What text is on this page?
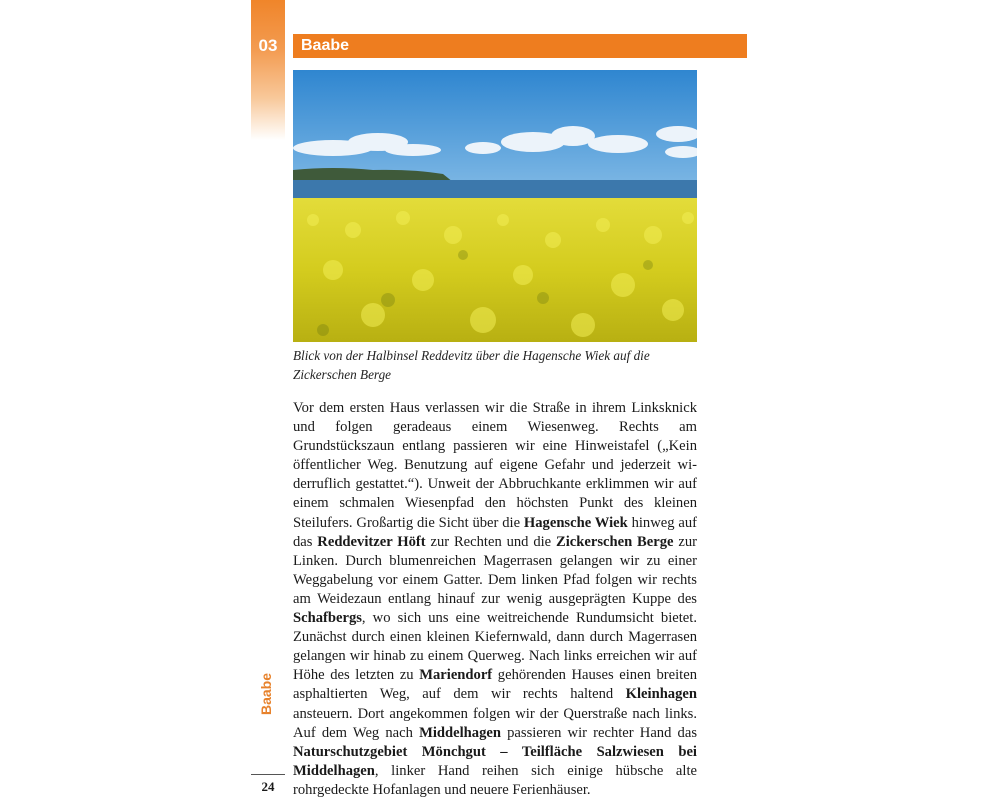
03	Baabe
Blick von der Halbinsel Reddevitz über die Hagensche Wiek auf die Zickerschen Berge
Vor dem ersten Haus verlassen wir die Straße in ihrem Linksknick und folgen geradeaus einem Wiesenweg. Rechts am Grundstückszaun entlang passieren wir eine Hinweistafel („Kein öffentlicher Weg. Benutzung auf eigene Gefahr und jederzeit widerruflich gestattet.“). Unweit der Abbruchkante erklimmen wir auf einem schmalen Wiesenpfad den höchsten Punkt des kleinen Steilufers. Großartig die Sicht über die Hagensche Wiek hinweg auf das Reddevitzer Höft zur Rechten und die Zickerschen Berge zur Linken. Durch blumenreichen Magerrasen gelangen wir zu einer Weggabelung vor einem Gatter. Dem linken Pfad folgen wir rechts am Weidezaun entlang hinauf zur wenig ausgeprägten Kuppe des Schafbergs, wo sich uns eine weitreichende Rundumsicht bietet. Zunächst durch einen kleinen Kiefernwald, dann durch Magerrasen gelangen wir hinab zu einem Querweg. Nach links erreichen wir auf Höhe des letzten zu Mariendorf gehörenden Hauses einen breiten asphaltierten Weg, auf dem wir rechts haltend Kleinhagen ansteuern. Dort angekommen folgen wir der Querstraße nach links. Auf dem Weg nach Middelhagen passieren wir rechter Hand das Naturschutzgebiet Mönchgut – Teilfläche Salzwiesen bei Middelhagen, linker Hand reihen sich einige hübsche alte rohrgedeckte Hofanlagen und neuere Ferienhäuser.
Baabe
24
